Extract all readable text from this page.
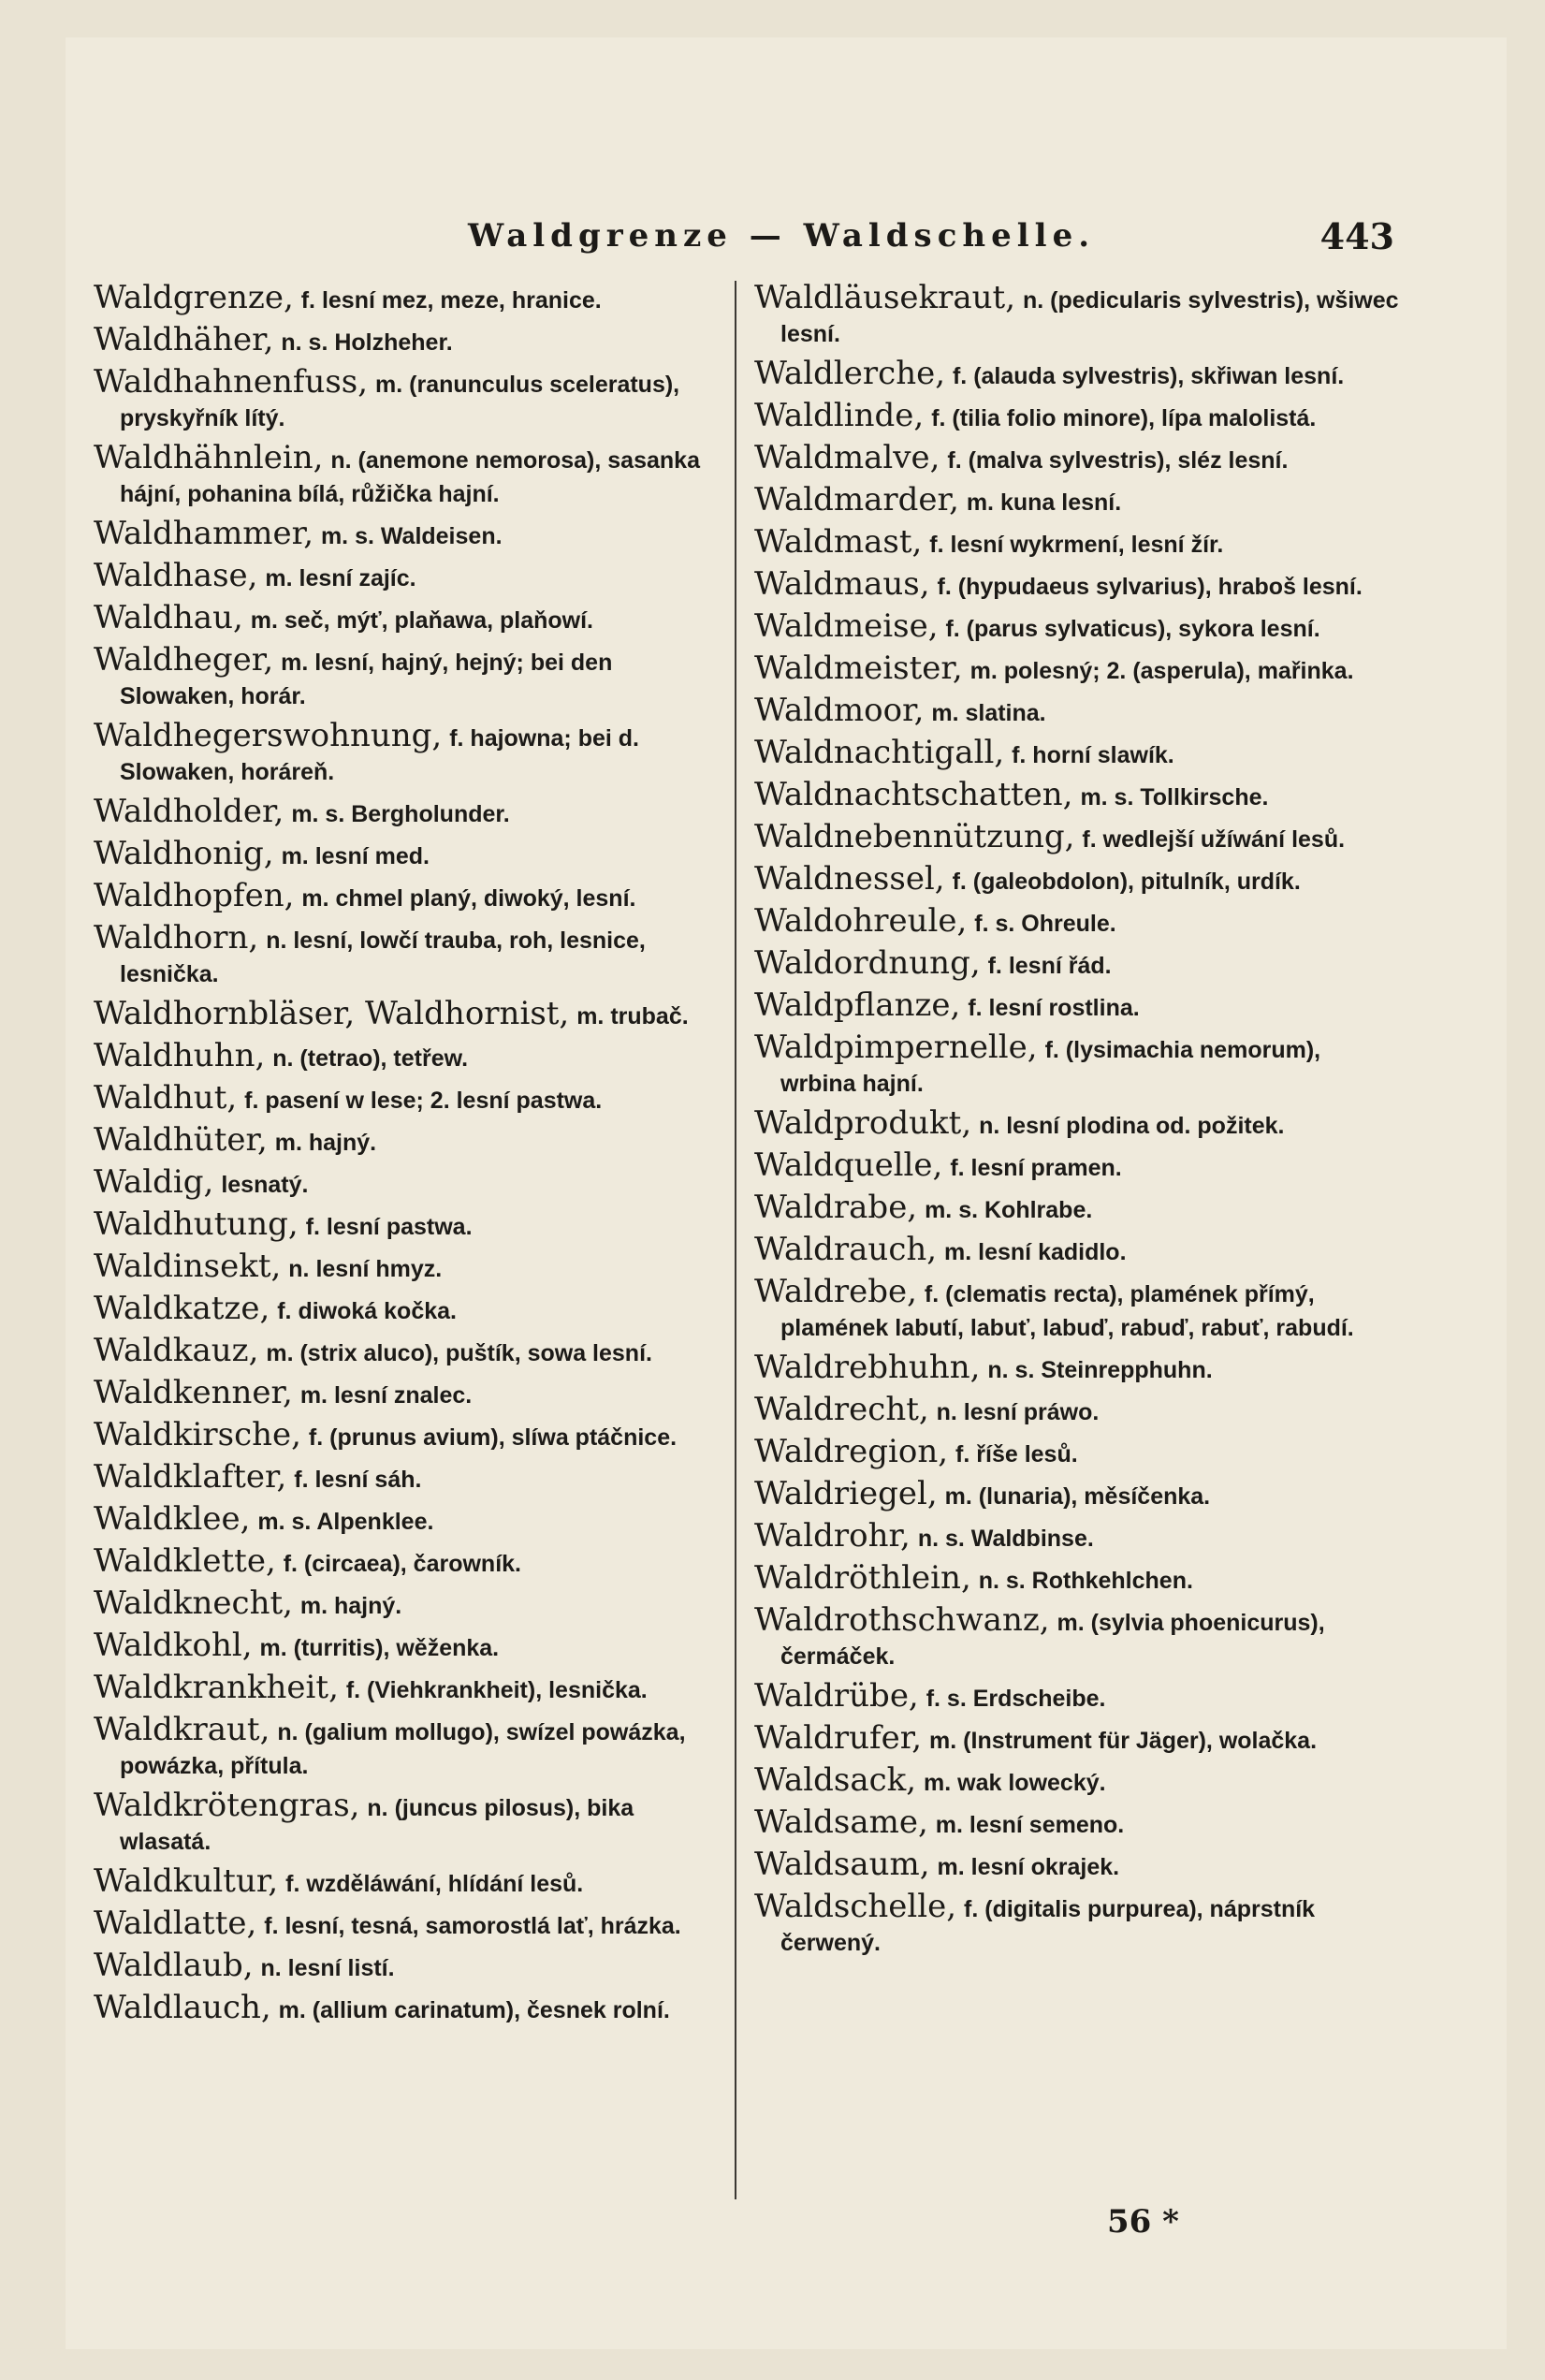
Waldgrenze — Waldschelle.	443
Waldgrenze, f. lesní mez, meze, hranice.
Waldhäher, n. s. Holzheher.
Waldhahnenfuss, m. (ranunculus sceleratus), pryskyřník lítý.
Waldhähnlein, n. (anemone nemorosa), sasanka hájní, pohanina bílá, růžička hajní.
Waldhammer, m. s. Waldeisen.
Waldhase, m. lesní zajíc.
Waldhau, m. seč, mýť, plaňawa, plaňowí.
Waldheger, m. lesní, hajný, hejný; bei den Slowaken, horár.
Waldhegerswohnung, f. hajowna; bei d. Slowaken, horáreň.
Waldholder, m. s. Bergholunder.
Waldhonig, m. lesní med.
Waldhopfen, m. chmel planý, diwoký, lesní.
Waldhorn, n. lesní, lowčí trauba, roh, lesnice, lesnička.
Waldhornbläser, Waldhornist, m. trubač.
Waldhuhn, n. (tetrao), tetřew.
Waldhut, f. pasení w lese; 2. lesní pastwa.
Waldhüter, m. hajný.
Waldig, lesnatý.
Waldhutung, f. lesní pastwa.
Waldinsekt, n. lesní hmyz.
Waldkatze, f. diwoká kočka.
Waldkauz, m. (strix aluco), puštík, sowa lesní.
Waldkenner, m. lesní znalec.
Waldkirsche, f. (prunus avium), slíwa ptáčnice.
Waldklafter, f. lesní sáh.
Waldklee, m. s. Alpenklee.
Waldklette, f. (circaea), čarowník.
Waldknecht, m. hajný.
Waldkohl, m. (turritis), wěženka.
Waldkrankheit, f. (Viehkrankheit), lesnička.
Waldkraut, n. (galium mollugo), swízel powázka, powázka, přítula.
Waldkrötengras, n. (juncus pilosus), bika wlasatá.
Waldkultur, f. wzděláwání, hlídání lesů.
Waldlatte, f. lesní, tesná, samorostlá lať, hrázka.
Waldlaub, n. lesní listí.
Waldlauch, m. (allium carinatum), česnek rolní.
Waldläusekraut, n. (pedicularis sylvestris), wšiwec lesní.
Waldlerche, f. (alauda sylvestris), skřiwan lesní.
Waldlinde, f. (tilia folio minore), lípa malolistá.
Waldmalve, f. (malva sylvestris), sléz lesní.
Waldmarder, m. kuna lesní.
Waldmast, f. lesní wykrmení, lesní žír.
Waldmaus, f. (hypudaeus sylvarius), hraboš lesní.
Waldmeise, f. (parus sylvaticus), sykora lesní.
Waldmeister, m. polesný; 2. (asperula), mařinka.
Waldmoor, m. slatina.
Waldnachtigall, f. horní slawík.
Waldnachtschatten, m. s. Tollkirsche.
Waldnebennützung, f. wedlejší užíwání lesů.
Waldnessel, f. (galeobdolon), pitulník, urdík.
Waldohreule, f. s. Ohreule.
Waldordnung, f. lesní řád.
Waldpflanze, f. lesní rostlina.
Waldpimpernelle, f. (lysimachia nemorum), wrbina hajní.
Waldprodukt, n. lesní plodina od. požitek.
Waldquelle, f. lesní pramen.
Waldrabe, m. s. Kohlrabe.
Waldrauch, m. lesní kadidlo.
Waldrebe, f. (clematis recta), plamének přímý, plamének labutí, labuť, labuď, rabuď, rabuť, rabudí.
Waldrebhuhn, n. s. Steinrepphuhn.
Waldrecht, n. lesní práwo.
Waldregion, f. říše lesů.
Waldriegel, m. (lunaria), měsíčenka.
Waldrohr, n. s. Waldbinse.
Waldröthlein, n. s. Rothkehlchen.
Waldrothschwanz, m. (sylvia phoenicurus), čermáček.
Waldrübe, f. s. Erdscheibe.
Waldrufer, m. (Instrument für Jäger), wolačka.
Waldsack, m. wak lowecký.
Waldsame, m. lesní semeno.
Waldsaum, m. lesní okrajek.
Waldschelle, f. (digitalis purpurea), náprstník čerwený.
56 *
